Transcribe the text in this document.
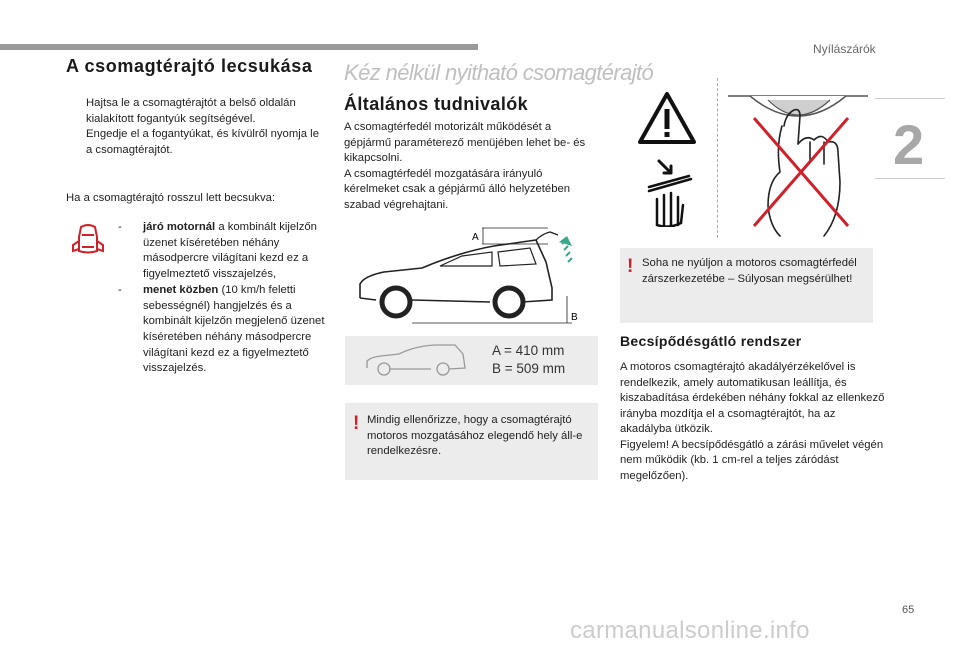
Nyílászárók
2
A csomagtérajtó lecsukása
Hajtsa le a csomagtérajtót a belső oldalán kialakított fogantyúk segítségével.
Engedje el a fogantyúkat, és kívülről nyomja le a csomagtérajtót.
Ha a csomagtérajtó rosszul lett becsukva:
-	járó motornál a kombinált kijelzőn üzenet kíséretében néhány másodpercre világítani kezd ez a figyelmeztető visszajelzés,
-	menet közben (10 km/h feletti sebességnél) hangjelzés és a kombinált kijelzőn megjelenő üzenet kíséretében néhány másodpercre világítani kezd ez a figyelmeztető visszajelzés.
Kéz nélkül nyitható csomagtérajtó
Általános tudnivalók
A csomagtérfedél motorizált működését a gépjármű paraméterező menüjében lehet be- és kikapcsolni.
A csomagtérfedél mozgatására irányuló kérelmeket csak a gépjármű álló helyzetében szabad végrehajtani.
A
B
A = 410 mm
B = 509 mm
! Mindig ellenőrizze, hogy a csomagtérajtó motoros mozgatásához elegendő hely áll-e rendelkezésre.
! Soha ne nyúljon a motoros csomagtérfedél zárszerkezetébe – Súlyosan megsérülhet!
Becsípődésgátló rendszer
A motoros csomagtérajtó akadályérzékelővel is rendelkezik, amely automatikusan leállítja, és kiszabadítása érdekében néhány fokkal az ellenkező irányba mozdítja el a csomagtérajtót, ha az akadályba ütközik.
Figyelem! A becsípődésgátló a zárási művelet végén nem működik (kb. 1 cm-rel a teljes záródást megelőzően).
65
carmanualsonline.info
